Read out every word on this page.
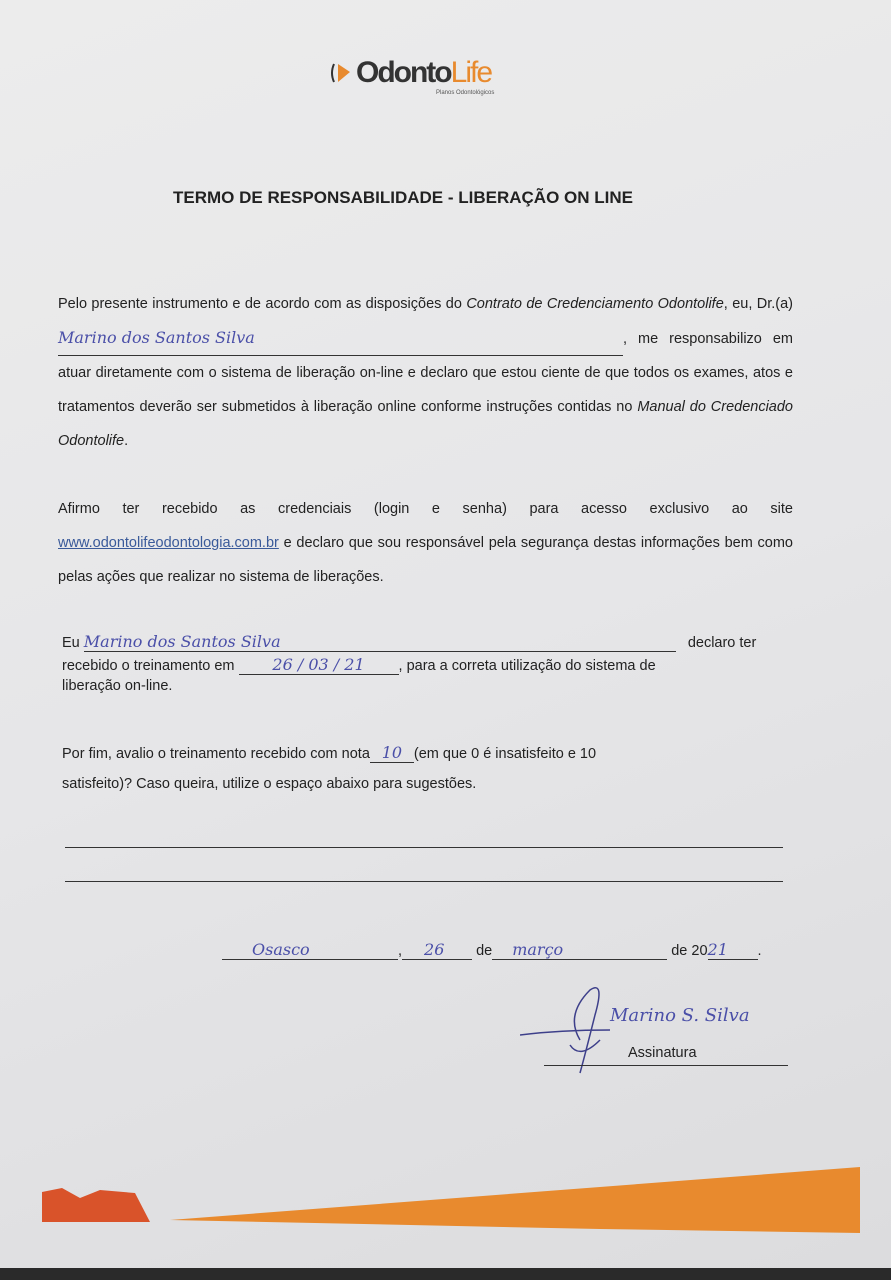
OdontoLife
Planos Odontológicos
TERMO DE RESPONSABILIDADE - LIBERAÇÃO ON LINE
Pelo presente instrumento e de acordo com as disposições do Contrato de Credenciamento Odontolife, eu, Dr.(a)Marino dos Santos Silva	, me responsabilizo em atuar diretamente com o sistema de liberação on-line e declaro que estou ciente de que todos os exames, atos e tratamentos deverão ser submetidos à liberação online conforme instruções contidas no Manual do Credenciado Odontolife.
Afirmo ter recebido as credenciais (login e senha) para acesso exclusivo ao site www.odontolifeodontologia.com.br e declaro que sou responsável pela segurança destas informações bem como pelas ações que realizar no sistema de liberações.
Eu Marino dos Santos Silva	declaro ter
recebido o treinamento em 26 / 03 / 21 , para a correta utilização do sistema de
liberação on-line.
Por fim, avalio o treinamento recebido com nota 10 (em que 0 é insatisfeito e 10
satisfeito)? Caso queira, utilize o espaço abaixo para sugestões.
Osasco	, 26 de março	de 2021 .
Marino S. Silva
Assinatura
